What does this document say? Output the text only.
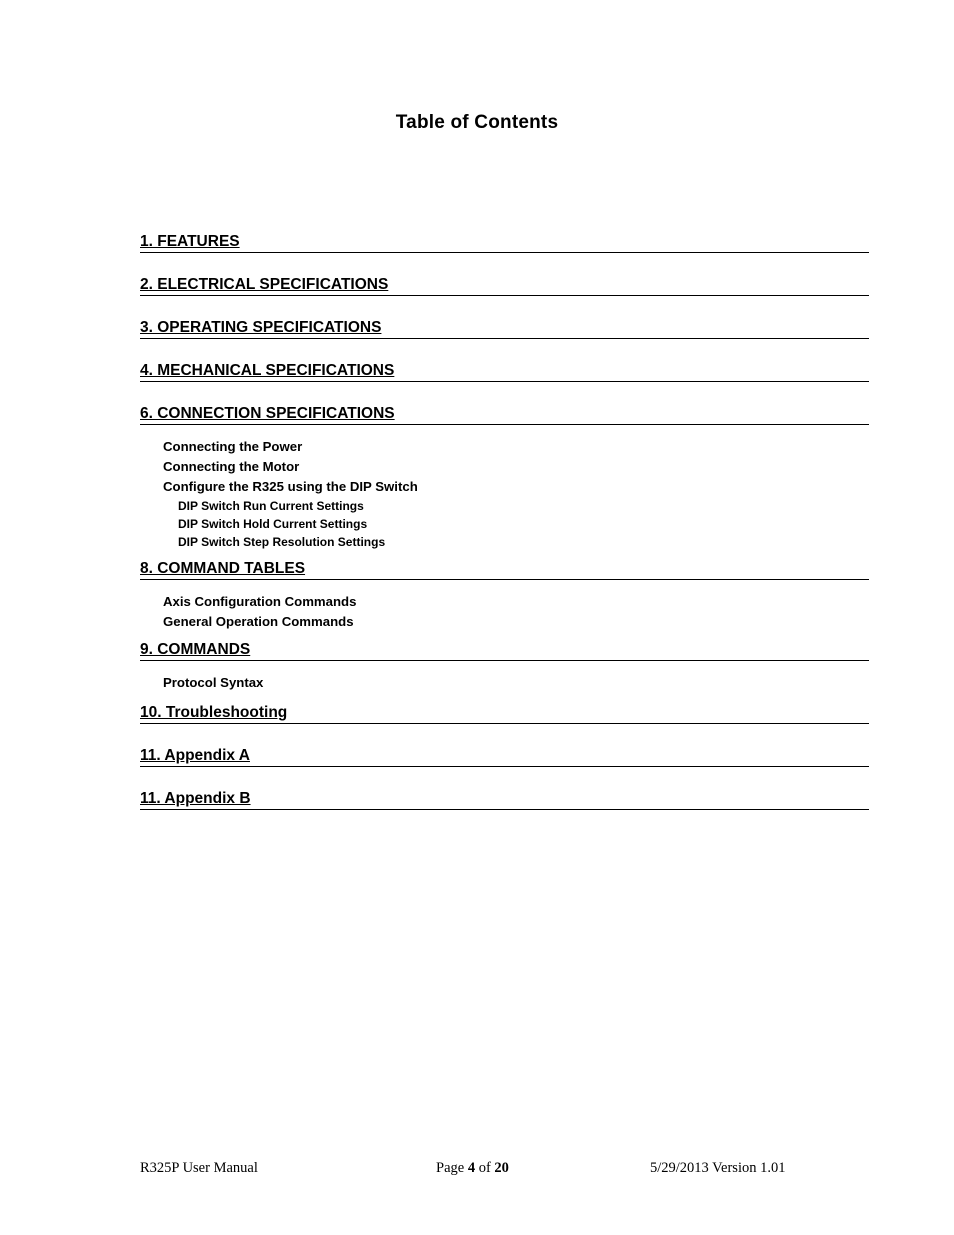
Table of Contents
1. FEATURES
2. ELECTRICAL SPECIFICATIONS
3. OPERATING SPECIFICATIONS
4. MECHANICAL SPECIFICATIONS
6. CONNECTION SPECIFICATIONS
Connecting the Power
Connecting the Motor
Configure the R325 using the DIP Switch
DIP Switch Run Current Settings
DIP Switch Hold Current Settings
DIP Switch Step Resolution Settings
8. COMMAND TABLES
Axis Configuration Commands
General Operation Commands
9. COMMANDS
Protocol Syntax
10. Troubleshooting
11. Appendix A
11. Appendix B
R325P User Manual	Page 4 of 20	5/29/2013 Version 1.01
